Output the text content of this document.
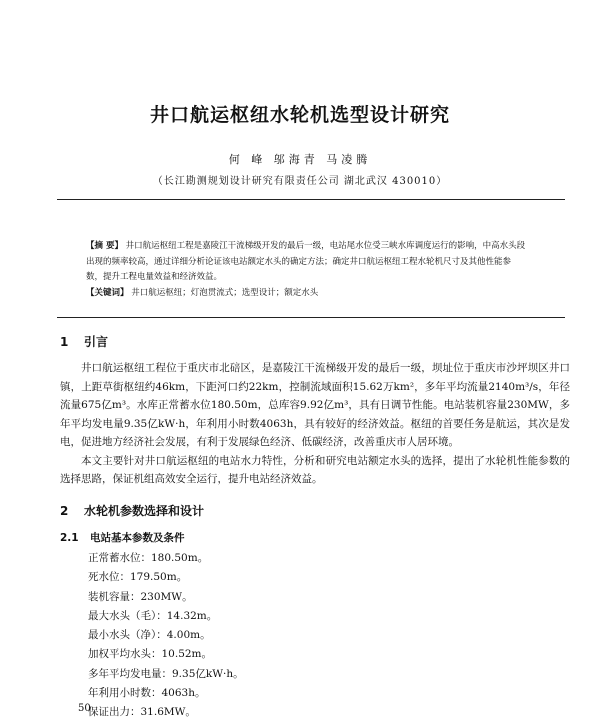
井口航运枢纽水轮机选型设计研究
何 峰 邬海青 马凌腾
（长江勘测规划设计研究有限责任公司 湖北武汉 430010）
【摘 要】 井口航运枢纽工程是嘉陵江干流梯级开发的最后一级，电站尾水位受三峡水库调度运行的影响，中高水头段出现的频率较高，通过详细分析论证该电站额定水头的确定方法；确定井口航运枢纽工程水轮机尺寸及其他性能参数，提升工程电量效益和经济效益。
【关键词】 井口航运枢纽；灯泡贯流式；选型设计；额定水头
1 引言

井口航运枢纽工程位于重庆市北碚区，是嘉陵江干流梯级开发的最后一级，坝址位于重庆市沙坪坝区井口镇，上距草街枢纽约46km，下距河口约22km，控制流域面积15.62万km²，多年平均流量2140m³/s，年径流量675亿m³。水库正常蓄水位180.50m，总库容9.92亿m³，具有日调节性能。电站装机容量230MW，多年平均发电量9.35亿kW·h，年利用小时数4063h，具有较好的经济效益。枢纽的首要任务是航运，其次是发电，促进地方经济社会发展，有利于发展绿色经济、低碳经济，改善重庆市人居环境。

本文主要针对井口航运枢纽的电站水力特性，分析和研究电站额定水头的选择，提出了水轮机性能参数的选择思路，保证机组高效安全运行，提升电站经济效益。

2 水轮机参数选择和设计
2.1 电站基本参数及条件
正常蓄水位：180.50m。
死水位：179.50m。
装机容量：230MW。
最大水头（毛）：14.32m。
最小水头（净）：4.00m。
加权平均水头：10.52m。
多年平均发电量：9.35亿kW·h。
年利用小时数：4063h。
保证出力：31.6MW。
50
